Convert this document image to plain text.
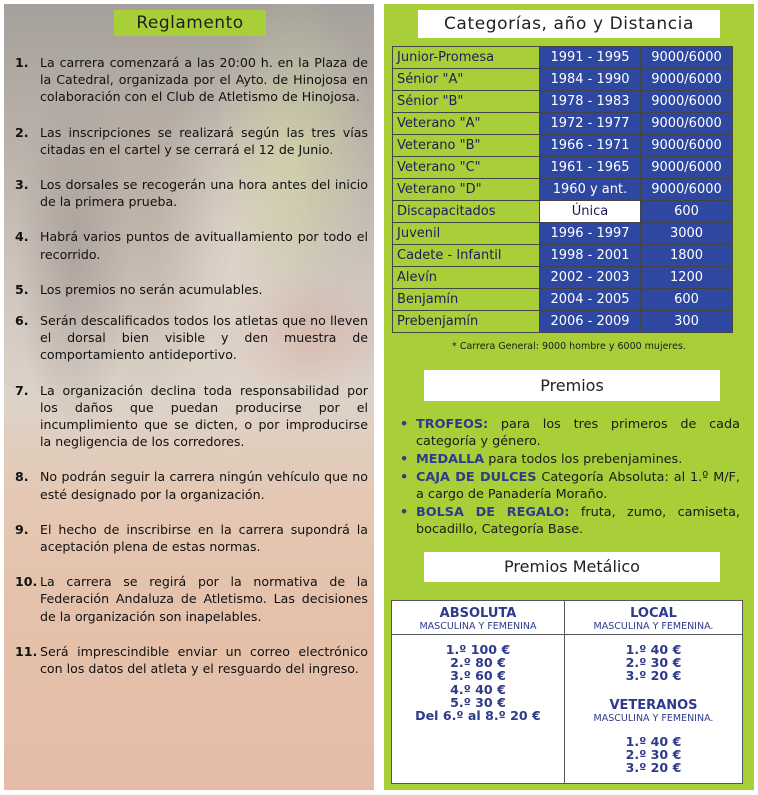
Reglamento
1. La carrera comenzará a las 20:00 h. en la Plaza de la Catedral, organizada por el Ayto. de Hinojosa en colaboración con el Club de Atletismo de Hinojosa.
2. Las inscripciones se realizará según las tres vías citadas en el cartel y se cerrará el 12 de Junio.
3. Los dorsales se recogerán una hora antes del inicio de la primera prueba.
4. Habrá varios puntos de avituallamiento por todo el recorrido.
5. Los premios no serán acumulables.
6. Serán descalificados todos los atletas que no lleven el dorsal bien visible y den muestra de comportamiento antideportivo.
7. La organización declina toda responsabilidad por los daños que puedan producirse por el incumplimiento que se dicten, o por improducirse la negligencia de los corredores.
8. No podrán seguir la carrera ningún vehículo que no esté designado por la organización.
9. El hecho de inscribirse en la carrera supondrá la aceptación plena de estas normas.
10. La carrera se regirá por la normativa de la Federación Andaluza de Atletismo. Las decisiones de la organización son inapelables.
11. Será imprescindible enviar un correo electrónico con los datos del atleta y el resguardo del ingreso.
Categorías, año y Distancia
Junior-Promesa	1991 - 1995	9000/6000
Sénior "A"	1984 - 1990	9000/6000
Sénior "B"	1978 - 1983	9000/6000
Veterano "A"	1972 - 1977	9000/6000
Veterano "B"	1966 - 1971	9000/6000
Veterano "C"	1961 - 1965	9000/6000
Veterano "D"	1960 y ant.	9000/6000
Discapacitados	Única	600
Juvenil	1996 - 1997	3000
Cadete - Infantil	1998 - 2001	1800
Alevín	2002 - 2003	1200
Benjamín	2004 - 2005	600
Prebenjamín	2006 - 2009	300
* Carrera General: 9000 hombre y 6000 mujeres.
Premios
• TROFEOS: para los tres primeros de cada categoría y género.
• MEDALLA para todos los prebenjamines.
• CAJA DE DULCES Categoría Absoluta: al 1.º M/F, a cargo de Panadería Moraño.
• BOLSA DE REGALO: fruta, zumo, camiseta, bocadillo, Categoría Base.
Premios Metálico
ABSOLUTA
MASCULINA Y FEMENINA
1.º 100 €
2.º 80 €
3.º 60 €
4.º 40 €
5.º 30 €
Del 6.º al 8.º 20 €
LOCAL
MASCULINA Y FEMENINA.
1.º 40 €
2.º 30 €
3.º 20 €
VETERANOS
MASCULINA Y FEMENINA.
1.º 40 €
2.º 30 €
3.º 20 €
